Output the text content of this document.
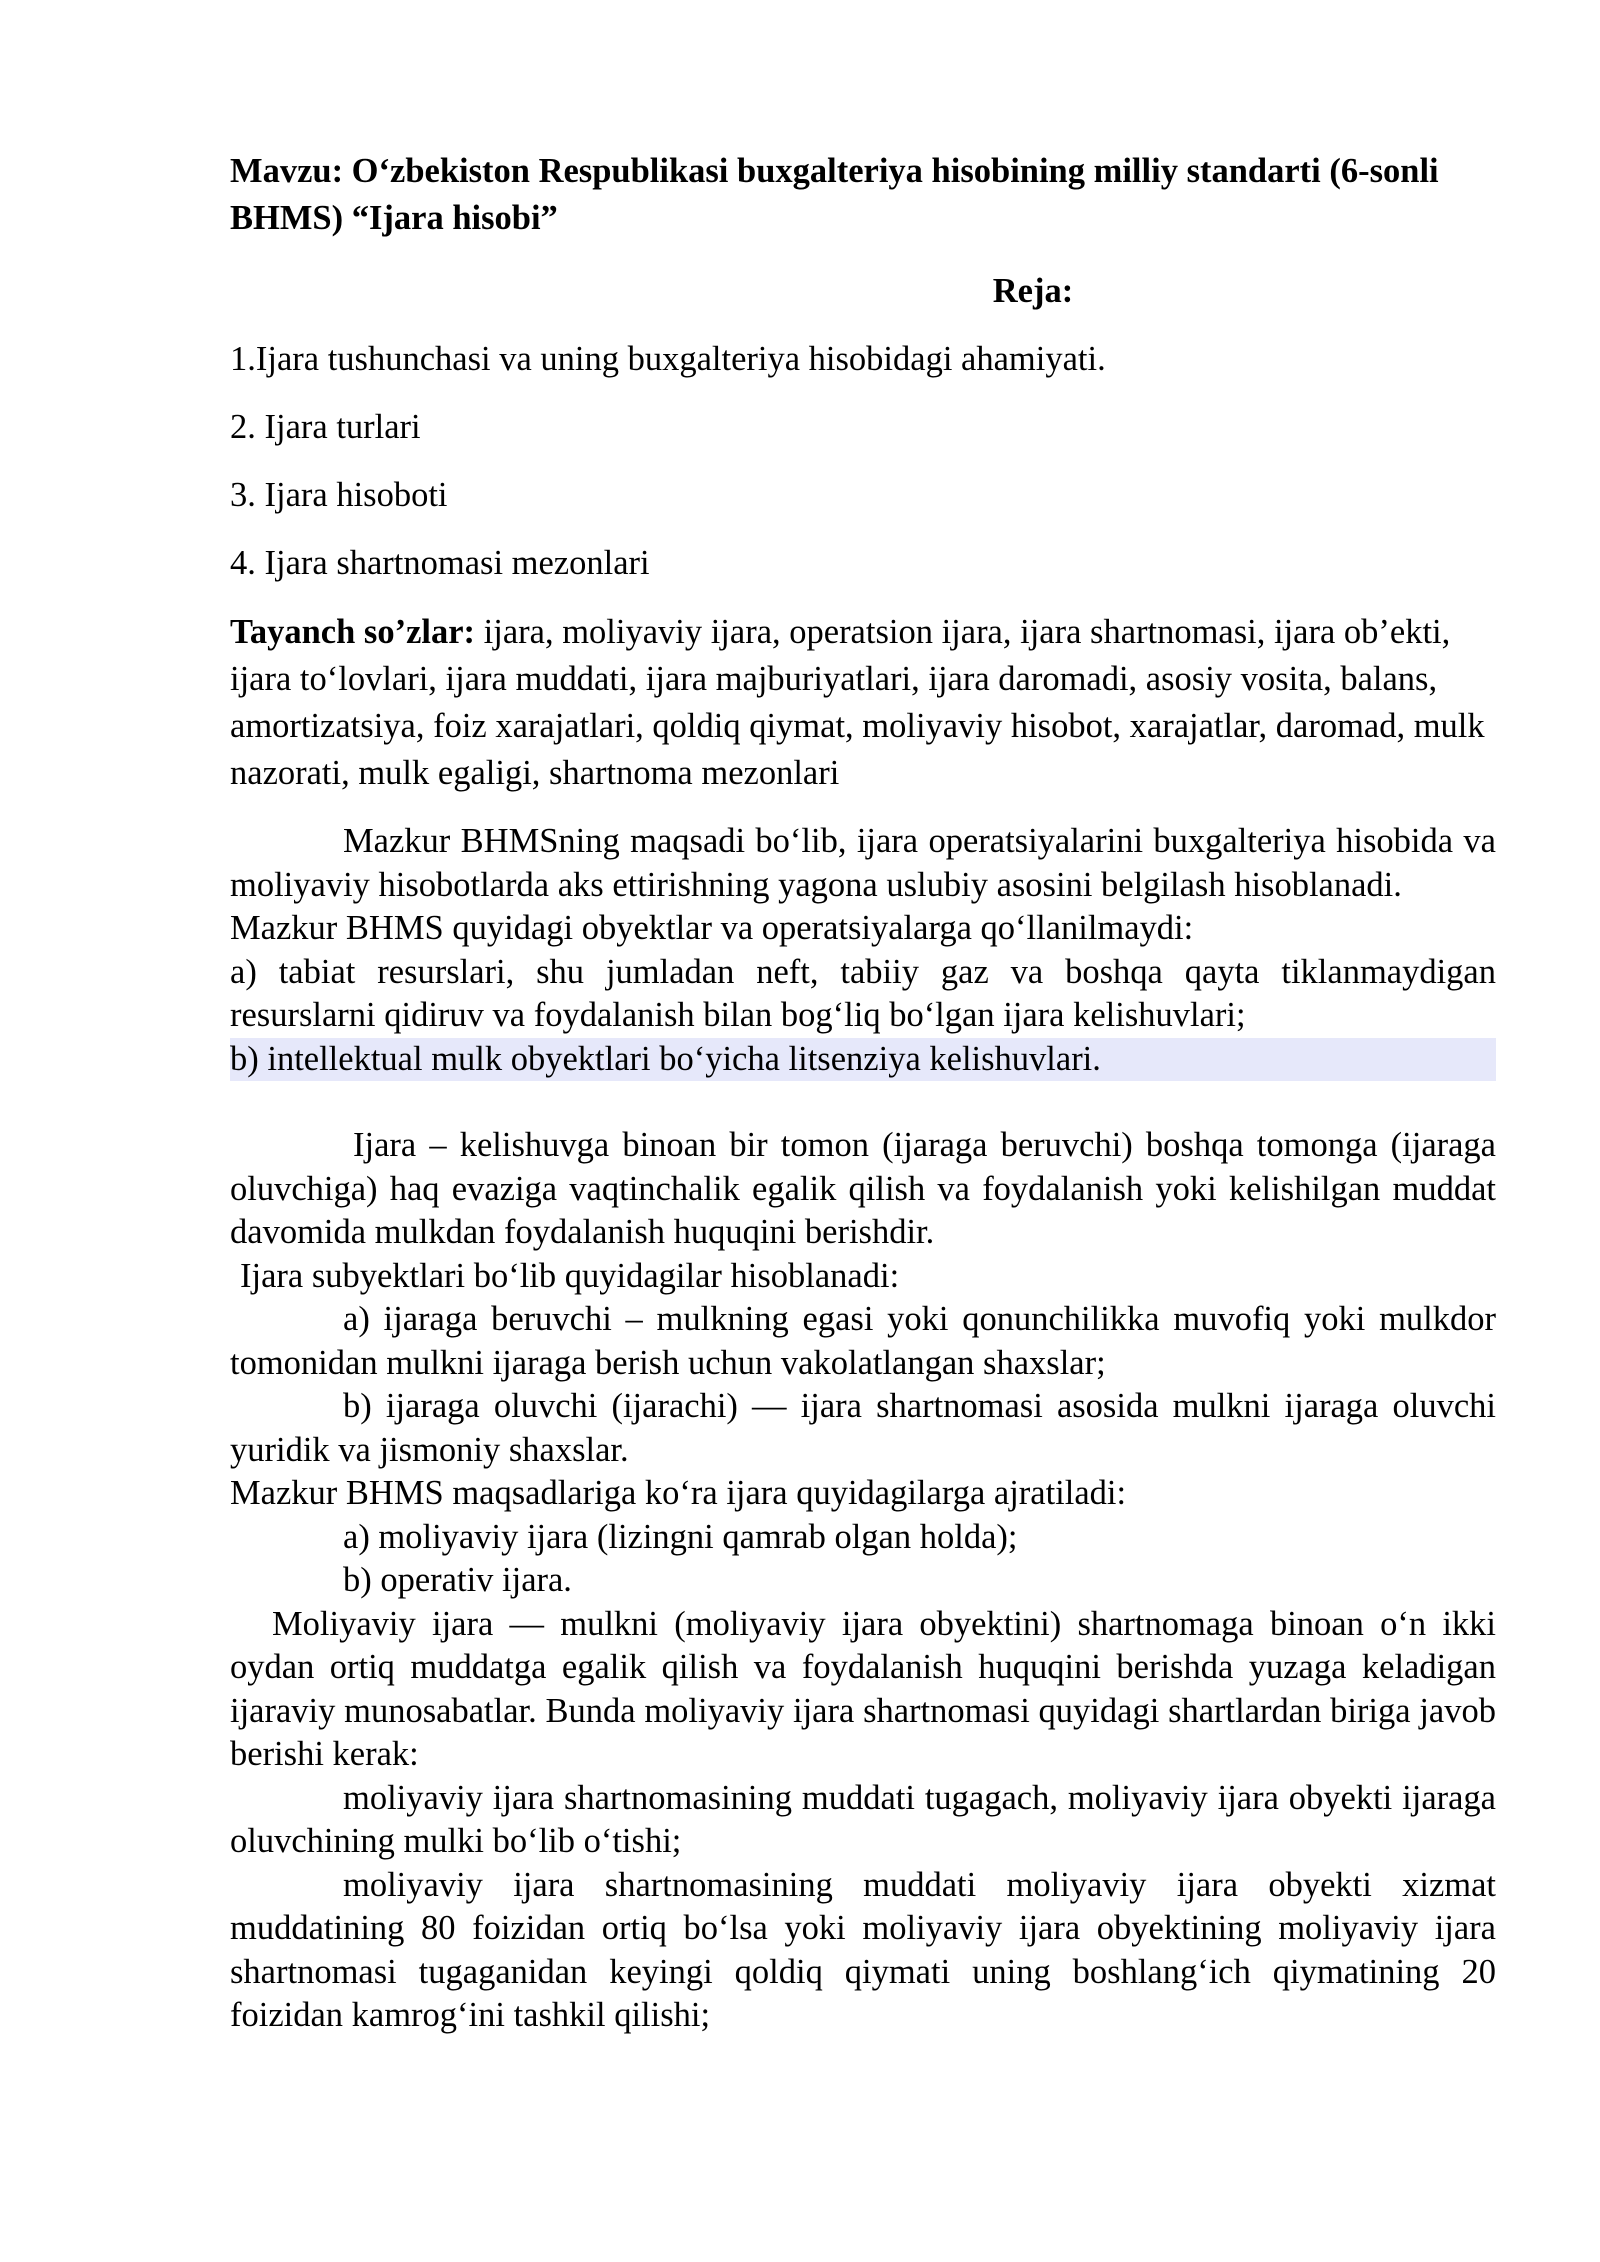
Mavzu: O‘zbekiston Respublikasi buxgalteriya hisobining milliy standarti (6-sonli BHMS) “Ijara hisobi”
Reja:
1.Ijara tushunchasi va uning buxgalteriya hisobidagi ahamiyati.
2. Ijara turlari
3. Ijara hisoboti
4. Ijara shartnomasi mezonlari

Tayanch so’zlar: ijara, moliyaviy ijara, operatsion ijara, ijara shartnomasi, ijara ob’ekti, ijara to‘lovlari, ijara muddati, ijara majburiyatlari, ijara daromadi, asosiy vosita, balans, amortizatsiya, foiz xarajatlari, qoldiq qiymat, moliyaviy hisobot, xarajatlar, daromad, mulk nazorati, mulk egaligi, shartnoma mezonlari

Mazkur BHMSning maqsadi bo‘lib, ijara operatsiyalarini buxgalteriya hisobida va moliyaviy hisobotlarda aks ettirishning yagona uslubiy asosini belgilash hisoblanadi.

Mazkur BHMS quyidagi obyektlar va operatsiyalarga qo‘llanilmaydi:

a) tabiat resurslari, shu jumladan neft, tabiiy gaz va boshqa qayta tiklanmaydigan resurslarni qidiruv va foydalanish bilan bog‘liq bo‘lgan ijara kelishuvlari;

b) intellektual mulk obyektlari bo‘yicha litsenziya kelishuvlari.

Ijara – kelishuvga binoan bir tomon (ijaraga beruvchi) boshqa tomonga (ijaraga oluvchiga) haq evaziga vaqtinchalik egalik qilish va foydalanish yoki kelishilgan muddat davomida mulkdan foydalanish huquqini berishdir.

Ijara subyektlari bo‘lib quyidagilar hisoblanadi:

a) ijaraga beruvchi – mulkning egasi yoki qonunchilikka muvofiq yoki mulkdor tomonidan mulkni ijaraga berish uchun vakolatlangan shaxslar;

b) ijaraga oluvchi (ijarachi) — ijara shartnomasi asosida mulkni ijaraga oluvchi yuridik va jismoniy shaxslar.

Mazkur BHMS maqsadlariga ko‘ra ijara quyidagilarga ajratiladi:

a) moliyaviy ijara (lizingni qamrab olgan holda);

b) operativ ijara.

Moliyaviy ijara — mulkni (moliyaviy ijara obyektini) shartnomaga binoan o‘n ikki oydan ortiq muddatga egalik qilish va foydalanish huquqini berishda yuzaga keladigan ijaraviy munosabatlar. Bunda moliyaviy ijara shartnomasi quyidagi shartlardan biriga javob berishi kerak:

moliyaviy ijara shartnomasining muddati tugagach, moliyaviy ijara obyekti ijaraga oluvchining mulki bo‘lib o‘tishi;

moliyaviy ijara shartnomasining muddati moliyaviy ijara obyekti xizmat muddatining 80 foizidan ortiq bo‘lsa yoki moliyaviy ijara obyektining moliyaviy ijara shartnomasi tugaganidan keyingi qoldiq qiymati uning boshlang‘ich qiymatining 20 foizidan kamrog‘ini tashkil qilishi;
